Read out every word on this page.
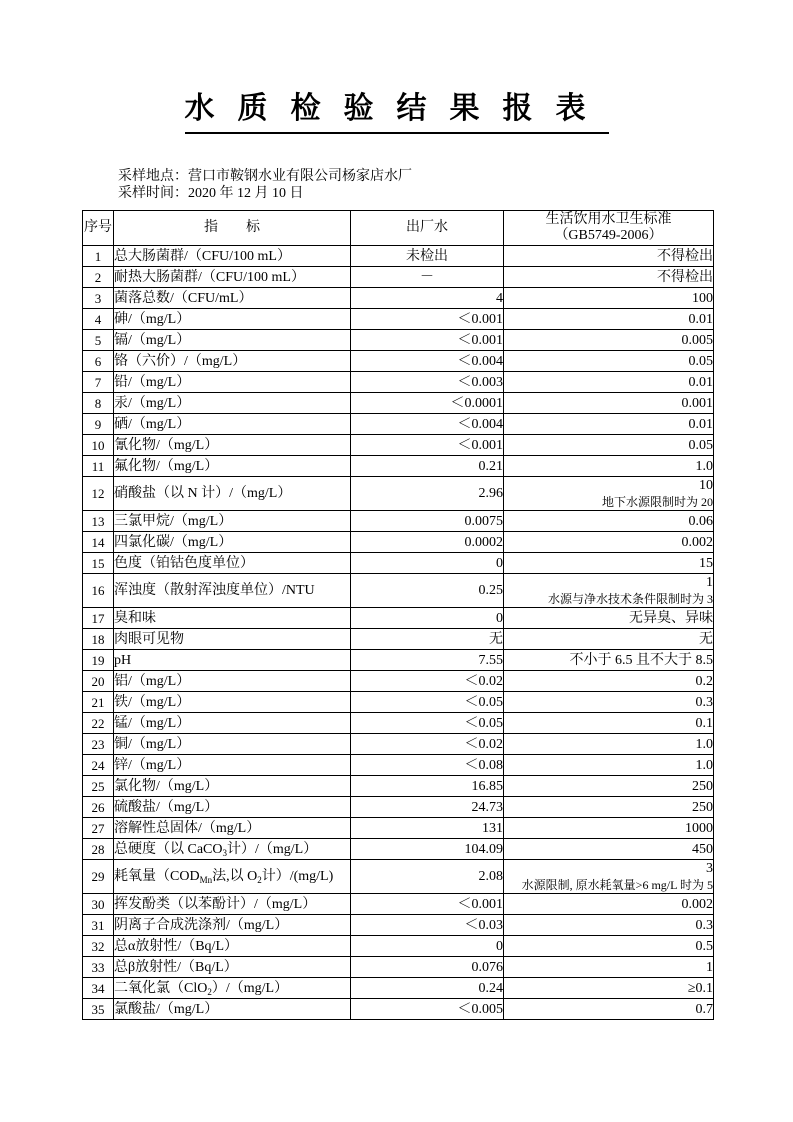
水质检验结果报表
采样地点：营口市鞍钢水业有限公司杨家店水厂
采样时间：2020 年 12 月 10 日
序号	指　　标	出厂水	生活饮用水卫生标准
（GB5749-2006）

1	总大肠菌群/（CFU/100 mL）	未检出	不得检出
2	耐热大肠菌群/（CFU/100 mL）	－	不得检出
3	菌落总数/（CFU/mL）	4	100
4	砷/（mg/L）	＜0.001	0.01
5	镉/（mg/L）	＜0.001	0.005
6	铬（六价）/（mg/L）	＜0.004	0.05
7	铅/（mg/L）	＜0.003	0.01
8	汞/（mg/L）	＜0.0001	0.001
9	硒/（mg/L）	＜0.004	0.01
10	氰化物/（mg/L）	＜0.001	0.05
11	氟化物/（mg/L）	0.21	1.0
12	硝酸盐（以 N 计）/（mg/L）	2.96	10
地下水源限制时为 20

13	三氯甲烷/（mg/L）	0.0075	0.06
14	四氯化碳/（mg/L）	0.0002	0.002
15	色度（铂钴色度单位）	0	15
16	浑浊度（散射浑浊度单位）/NTU	0.25	1
水源与净水技术条件限制时为 3

17	臭和味	0	无异臭、异味
18	肉眼可见物	无	无
19	pH	7.55	不小于 6.5 且不大于 8.5
20	铝/（mg/L）	＜0.02	0.2
21	铁/（mg/L）	＜0.05	0.3
22	锰/（mg/L）	＜0.05	0.1
23	铜/（mg/L）	＜0.02	1.0
24	锌/（mg/L）	＜0.08	1.0
25	氯化物/（mg/L）	16.85	250
26	硫酸盐/（mg/L）	24.73	250
27	溶解性总固体/（mg/L）	131	1000
28	总硬度（以 CaCO$_3$计）/（mg/L）	104.09	450
29	耗氧量（$COD_{Mn}$法,以 $O_2$计）/(mg/L)	2.08	3
水源限制, 原水耗氧量>6 mg/L 时为 5

30	挥发酚类（以苯酚计）/（mg/L）	＜0.001	0.002
31	阴离子合成洗涤剂/（mg/L）	＜0.03	0.3
32	总α放射性/（Bq/L）	0	0.5
33	总β放射性/（Bq/L）	0.076	1
34	二氧化氯（ClO$_2$）/（mg/L）	0.24	≥0.1
35	氯酸盐/（mg/L）	＜0.005	0.7
